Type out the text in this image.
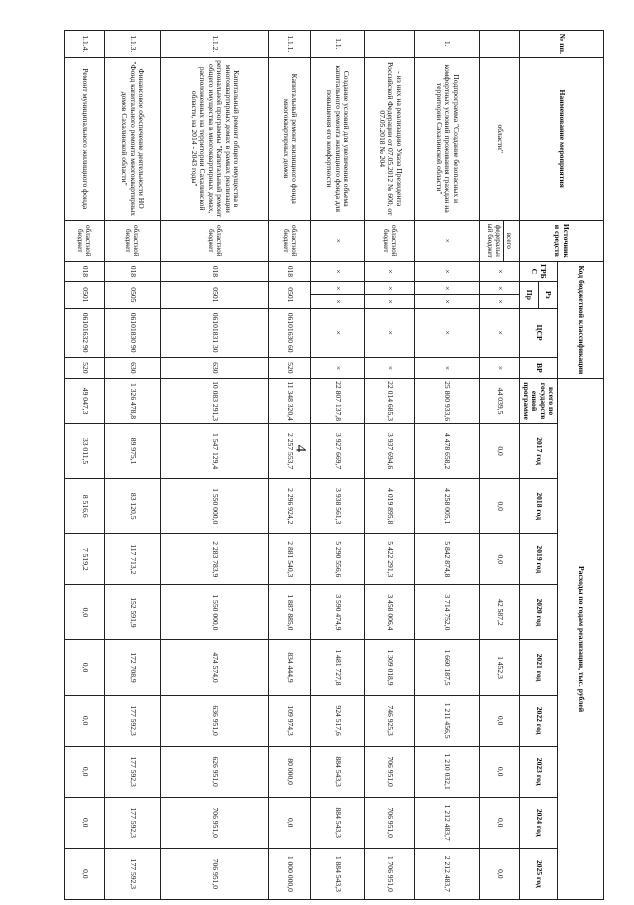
4
№ пп.	Наименование мероприятия	Источники средств	Код бюджетной классификации					Расходы по годам реализации, тыс. рублей									
			ГРБС	Рз		ЦСР	ВР	всего по государственной программе	2017 год	2018 год	2019 год	2020 год	2021 год	2022 год	2023 год	2024 год	2025 год
				Пр													
	области"	всего
федеральный бюджет	×	×	×	×	×	44 039,5	0,0	0,0	0,0	42 587,2	1 452,3	0,0	0,0	0,0	0,0
1.	Подпрограмма "Создание безопасных и комфортных условий проживания граждан на территории Сахалинской области"	×	×	×	×	×	×	25 800 933,6	4 478 658,2	4 258 005,1	5 842 874,8	3 714 752,0	1 660 187,5	1 211 456,5	1 210 032,1	1 212 483,7	2 212 483,7
	- из них на реализацию Указа Президента Российской Федерации от 07.05.2012 № 600, от 07.05.2018 № 204	областной бюджет	×	×	×	×	×	22 014 685,3	3 937 694,6	4 019 895,8	5 422 291,3	3 458 006,4	1 309 018,9	746 925,3	706 951,0	706 951,0	1 706 951,0
1.1.	Создание условий для увеличения объема капитального ремонта жилищного фонда для повышения его комфортности	×	×	×	×	×	×	22 807 137,8	3 927 669,7	3 938 561,3	5 290 556,6	3 590 474,9	1 481 727,8	924 517,6	884 543,3	884 543,3	1 884 543,3
1.1.1.	Капитальный ремонт жилищного фонда многоквартирных домов	областной бюджет	018	0501		06101630 60	520	11 348 320,4	2 257 553,7	2 296 924,2	2 881 540,3	1 887 885,0	834 444,9	109 974,3	80 000,0	0,0	1 000 000,0
1.1.2.	Капитальный ремонт общего имущества в многоквартирных домах в рамках реализации региональной программы "Капитальный ремонт общего имущества в многоквартирных домах, расположенных на территории Сахалинской области, на 2014 - 2043 годы"	областной бюджет	018	0501		06101831 30	630	10 083 291,3	1 547 129,4	1 550 000,0	2 283 783,9	1 550 000,0	474 574,0	636 951,0	626 951,0	706 951,0	706 951,0
1.1.3.	Финансовое обеспечение деятельности НО "Фонд капитального ремонта многоквартирных домов Сахалинской области"	областной бюджет	018	0505		06101830 90	630	1 326 478,8	89 975,1	83 120,5	117 713,2	152 591,9	172 708,9	177 592,3	177 592,3	177 592,3	177 592,3
1.1.4.	Ремонт муниципального жилищного фонда	областной бюджет	018	0501		06101632 90	520	49 047,3	33 011,5	8 516,6	7 519,2	0,0	0,0	0,0	0,0	0,0	0,0
